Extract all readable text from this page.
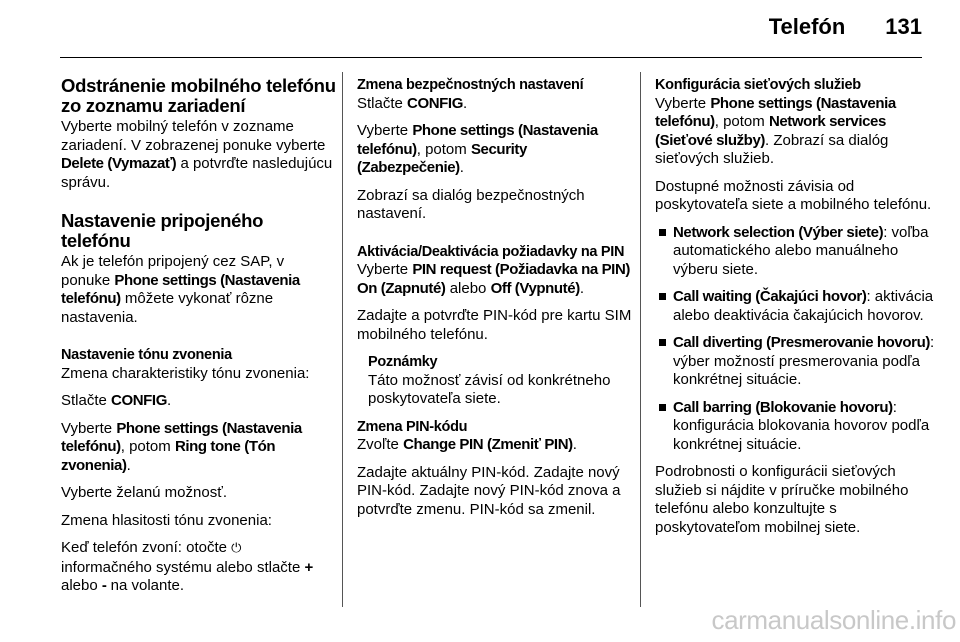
Telefón 131
Odstránenie mobilného telefónu zo zoznamu zariadení
Vyberte mobilný telefón v zozname zariadení. V zobrazenej ponuke vyberte Delete (Vymazať) a potvrďte nasledujúcu správu.
Nastavenie pripojeného telefónu
Ak je telefón pripojený cez SAP, v ponuke Phone settings (Nastavenia telefónu) môžete vykonať rôzne nastavenia.
Nastavenie tónu zvonenia
Zmena charakteristiky tónu zvonenia:
Stlačte CONFIG.
Vyberte Phone settings (Nastavenia telefónu), potom Ring tone (Tón zvonenia).
Vyberte želanú možnosť.
Zmena hlasitosti tónu zvonenia:
Keď telefón zvoní: otočte ⏻ informačného systému alebo stlačte + alebo - na volante.
Zmena bezpečnostných nastavení
Stlačte CONFIG.
Vyberte Phone settings (Nastavenia telefónu), potom Security (Zabezpečenie).
Zobrazí sa dialóg bezpečnostných nastavení.
Aktivácia/Deaktivácia požiadavky na PIN
Vyberte PIN request (Požiadavka na PIN) On (Zapnuté) alebo Off (Vypnuté).
Zadajte a potvrďte PIN-kód pre kartu SIM mobilného telefónu.
Poznámky
Táto možnosť závisí od konkrétneho poskytovateľa siete.
Zmena PIN-kódu
Zvoľte Change PIN (Zmeniť PIN).
Zadajte aktuálny PIN-kód. Zadajte nový PIN-kód. Zadajte nový PIN-kód znova a potvrďte zmenu. PIN-kód sa zmenil.
Konfigurácia sieťových služieb
Vyberte Phone settings (Nastavenia telefónu), potom Network services (Sieťové služby). Zobrazí sa dialóg sieťových služieb.
Dostupné možnosti závisia od poskytovateľa siete a mobilného telefónu.
Network selection (Výber siete): voľba automatického alebo manuálneho výberu siete.
Call waiting (Čakajúci hovor): aktivácia alebo deaktivácia čakajúcich hovorov.
Call diverting (Presmerovanie hovoru): výber možností presmerovania podľa konkrétnej situácie.
Call barring (Blokovanie hovoru): konfigurácia blokovania hovorov podľa konkrétnej situácie.
Podrobnosti o konfigurácii sieťových služieb si nájdite v príručke mobilného telefónu alebo konzultujte s poskytovateľom mobilnej siete.
carmanualsonline.info
